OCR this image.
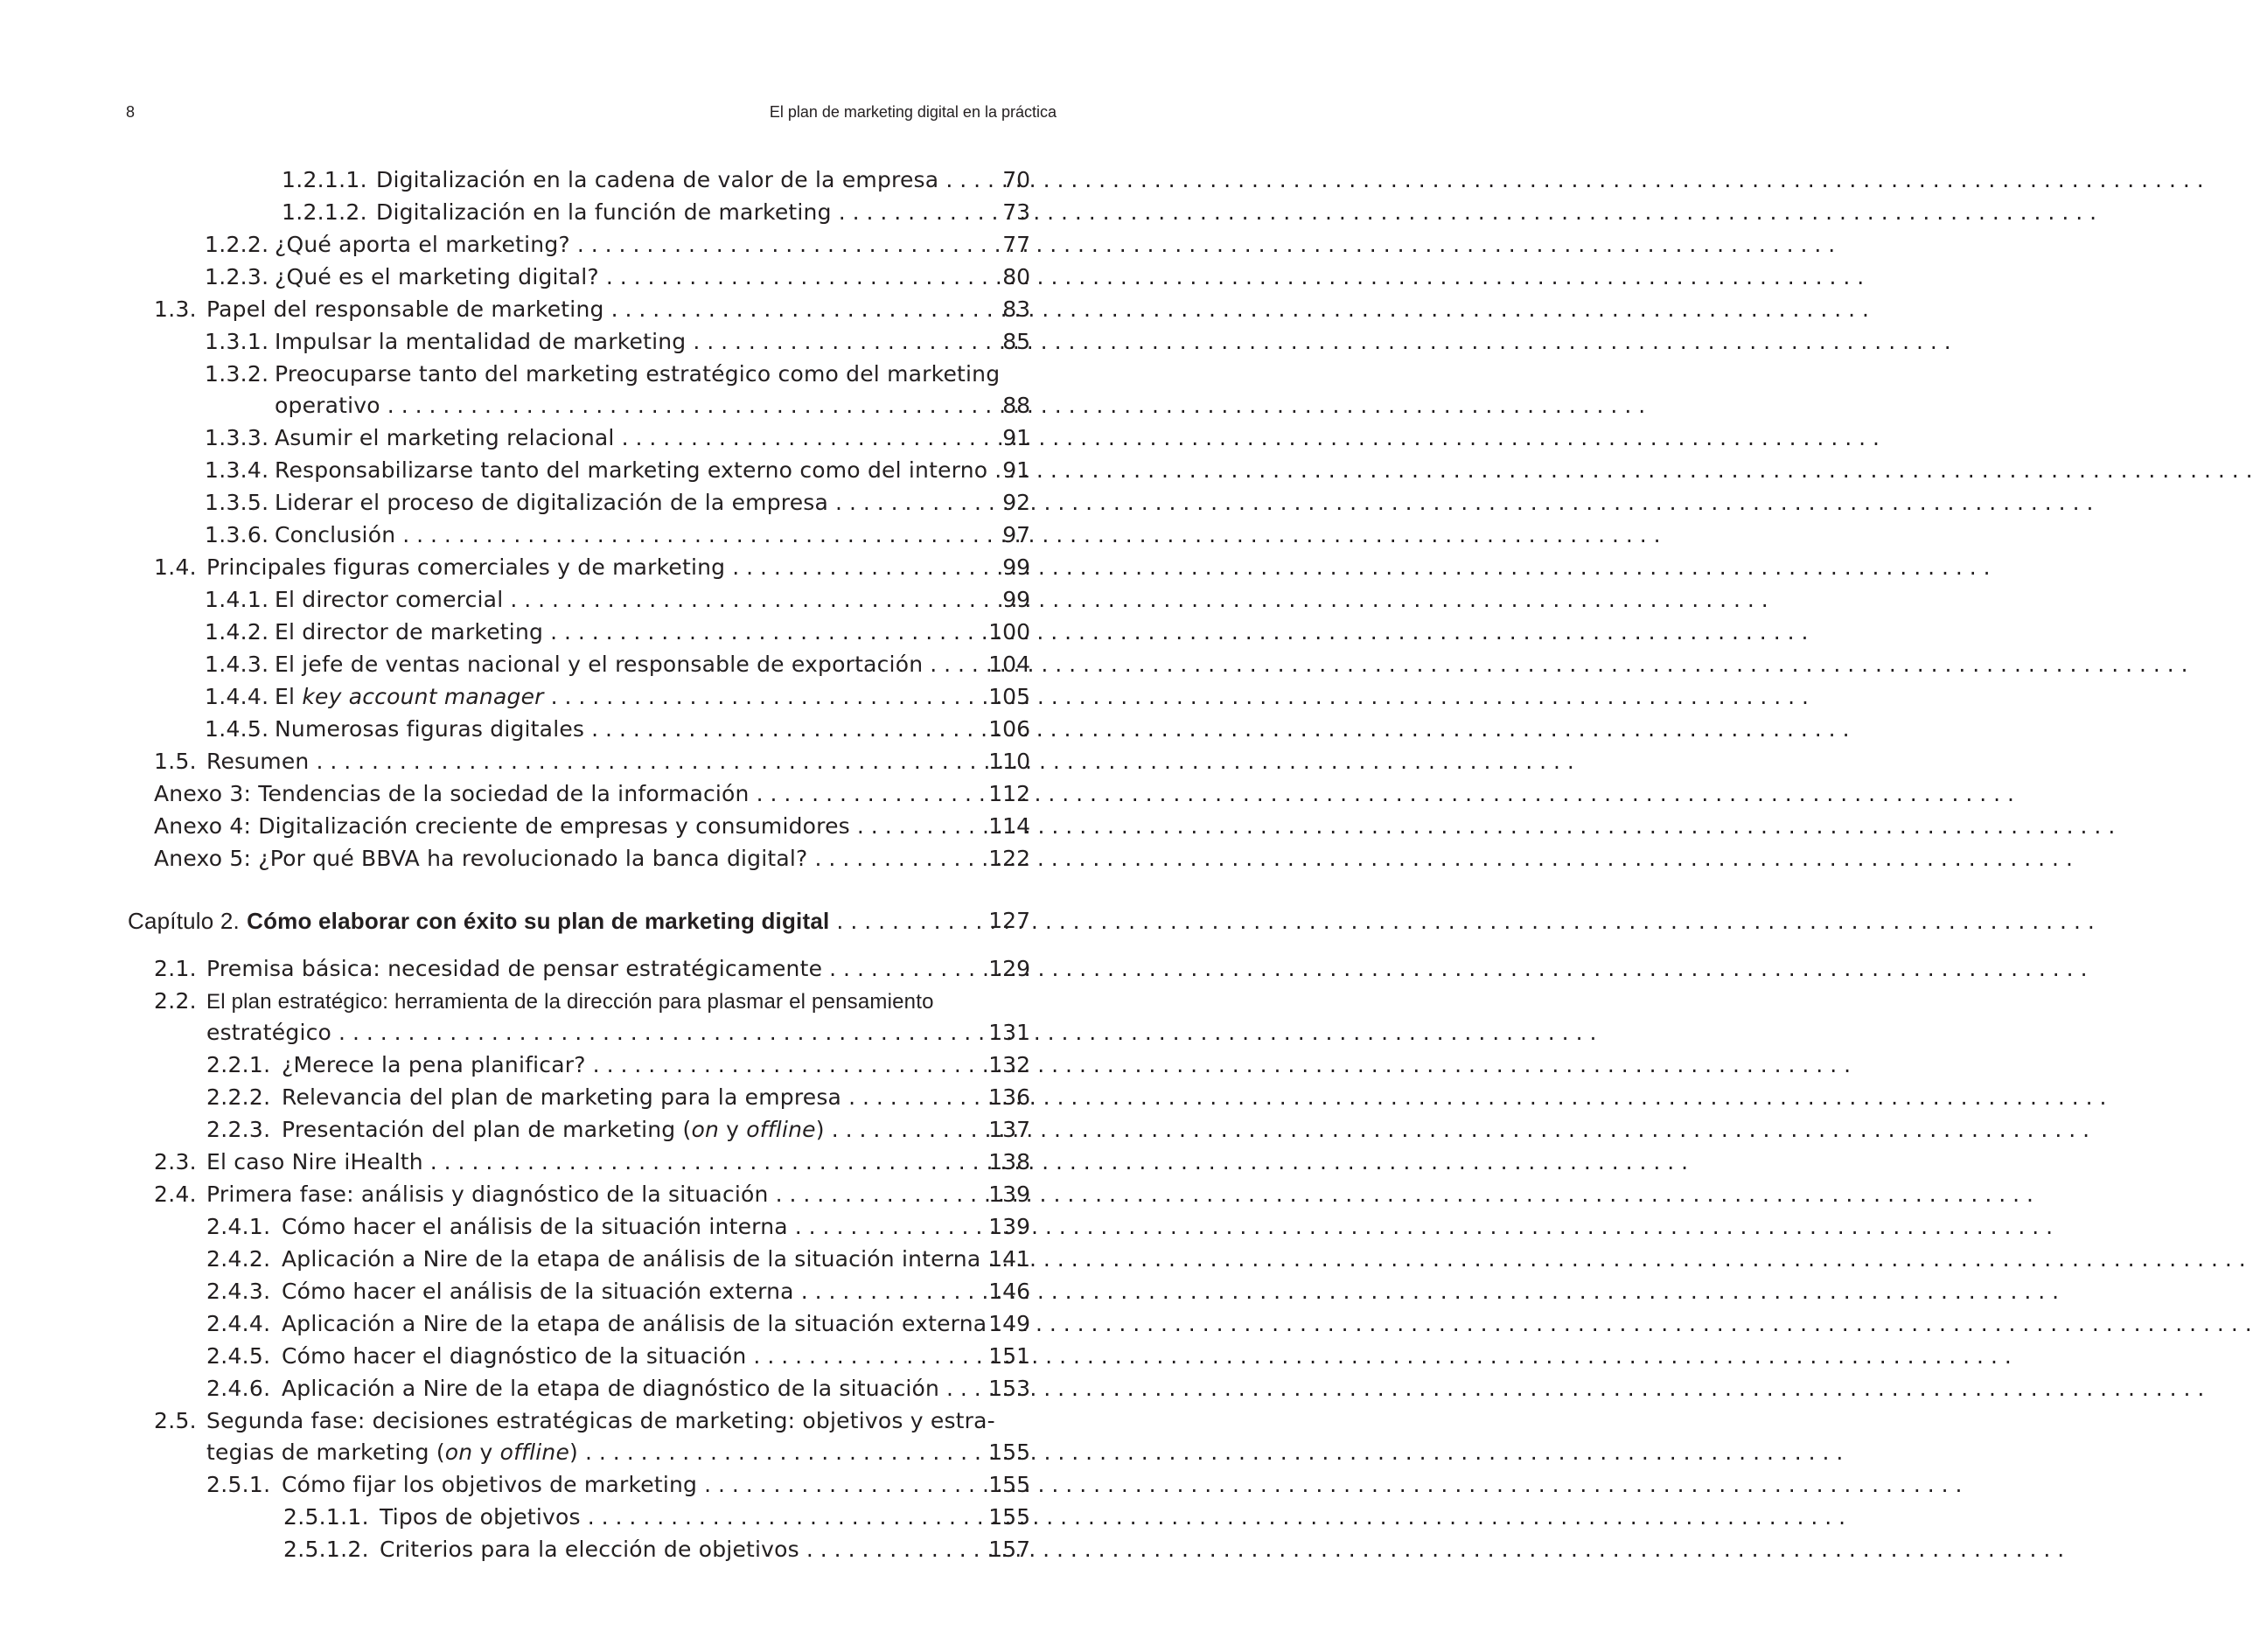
8	El plan de marketing digital en la práctica
1.2.1.1. Digitalización en la cadena de valor de la empresa . . .	70
1.2.1.2. Digitalización en la función de marketing . . .	73
1.2.2. ¿Qué aporta el marketing? . . .	77
1.2.3. ¿Qué es el marketing digital? . . .	80
1.3. Papel del responsable de marketing . . .	83
1.3.1. Impulsar la mentalidad de marketing . . .	85
1.3.2. Preocuparse tanto del marketing estratégico como del marketing
operativo . . .	88
1.3.3. Asumir el marketing relacional . . .	91
1.3.4. Responsabilizarse tanto del marketing externo como del interno . . . 91
1.3.5. Liderar el proceso de digitalización de la empresa . . .	92
1.3.6. Conclusión . . .	97
1.4. Principales figuras comerciales y de marketing . . .	99
1.4.1. El director comercial . . .	99
1.4.2. El director de marketing . . .	100
1.4.3. El jefe de ventas nacional y el responsable de exportación . . .	104
1.4.4. El key account manager . . .	105
1.4.5. Numerosas figuras digitales . . .	106
1.5. Resumen . . .	110
Anexo 3: Tendencias de la sociedad de la información . . .	112
Anexo 4: Digitalización creciente de empresas y consumidores . . .	114
Anexo 5: ¿Por qué BBVA ha revolucionado la banca digital? . . .	122
Capítulo 2. Cómo elaborar con éxito su plan de marketing digital . . .	127
2.1. Premisa básica: necesidad de pensar estratégicamente . . .	129
2.2. El plan estratégico: herramienta de la dirección para plasmar el pensamiento
estratégico . . .	131
2.2.1. ¿Merece la pena planificar? . . .	132
2.2.2. Relevancia del plan de marketing para la empresa . . .	136
2.2.3. Presentación del plan de marketing (on y offline) . . .	137
2.3. El caso Nire iHealth . . .	138
2.4. Primera fase: análisis y diagnóstico de la situación . . .	139
2.4.1. Cómo hacer el análisis de la situación interna . . .	139
2.4.2. Aplicación a Nire de la etapa de análisis de la situación interna . . . 141
2.4.3. Cómo hacer el análisis de la situación externa . . .	146
2.4.4. Aplicación a Nire de la etapa de análisis de la situación externa . . . 149
2.4.5. Cómo hacer el diagnóstico de la situación . . .	151
2.4.6. Aplicación a Nire de la etapa de diagnóstico de la situación . . .	153
2.5. Segunda fase: decisiones estratégicas de marketing: objetivos y estra-
tegias de marketing (on y offline) . . .	155
2.5.1. Cómo fijar los objetivos de marketing . . .	155
2.5.1.1. Tipos de objetivos . . .	155
2.5.1.2. Criterios para la elección de objetivos . . .	157
